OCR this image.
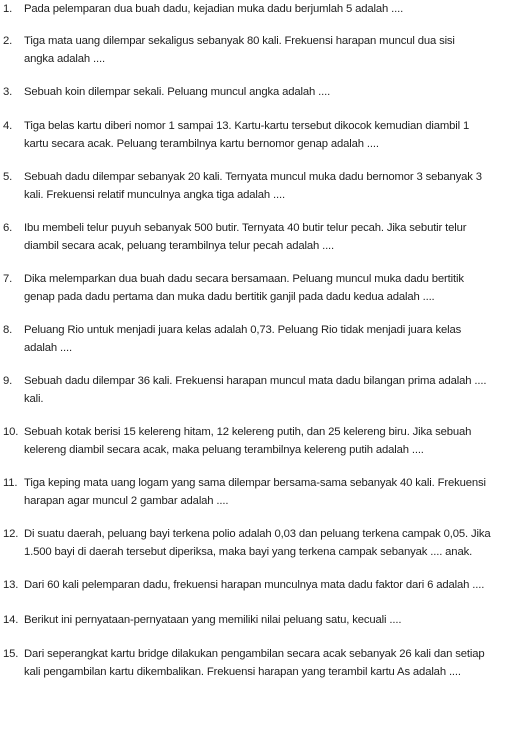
1.	Pada pelemparan dua buah dadu, kejadian muka dadu berjumlah 5 adalah ....
2.	Tiga mata uang dilempar sekaligus sebanyak 80 kali. Frekuensi harapan muncul dua sisi
angka adalah ....
3.	Sebuah koin dilempar sekali. Peluang muncul angka adalah ....
4.	Tiga belas kartu diberi nomor 1 sampai 13. Kartu-kartu tersebut dikocok kemudian diambil 1
kartu secara acak. Peluang terambilnya kartu bernomor genap adalah ....
5.	Sebuah dadu dilempar sebanyak 20 kali. Ternyata muncul muka dadu bernomor 3 sebanyak 3
kali. Frekuensi relatif munculnya angka tiga adalah ....
6.	Ibu membeli telur puyuh sebanyak 500 butir. Ternyata 40 butir telur pecah. Jika sebutir telur
diambil secara acak, peluang terambilnya telur pecah adalah ....
7.	Dika melemparkan dua buah dadu secara bersamaan. Peluang muncul muka dadu bertitik
genap pada dadu pertama dan muka dadu bertitik ganjil pada dadu kedua adalah ....
8.	Peluang Rio untuk menjadi juara kelas adalah 0,73. Peluang Rio tidak menjadi juara kelas
adalah ....
9.	Sebuah dadu dilempar 36 kali. Frekuensi harapan muncul mata dadu bilangan prima adalah ....
kali.
10. Sebuah kotak berisi 15 kelereng hitam, 12 kelereng putih, dan 25 kelereng biru. Jika sebuah
kelereng diambil secara acak, maka peluang terambilnya kelereng putih adalah ....
11. Tiga keping mata uang logam yang sama dilempar bersama-sama sebanyak 40 kali. Frekuensi
harapan agar muncul 2 gambar adalah ....
12. Di suatu daerah, peluang bayi terkena polio adalah 0,03 dan peluang terkena campak 0,05. Jika
1.500 bayi di daerah tersebut diperiksa, maka bayi yang terkena campak sebanyak .... anak.
13. Dari 60 kali pelemparan dadu, frekuensi harapan munculnya mata dadu faktor dari 6 adalah ....
14. Berikut ini pernyataan-pernyataan yang memiliki nilai peluang satu, kecuali ....
15. Dari seperangkat kartu bridge dilakukan pengambilan secara acak sebanyak 26 kali dan setiap
kali pengambilan kartu dikembalikan. Frekuensi harapan yang terambil kartu As adalah ....
